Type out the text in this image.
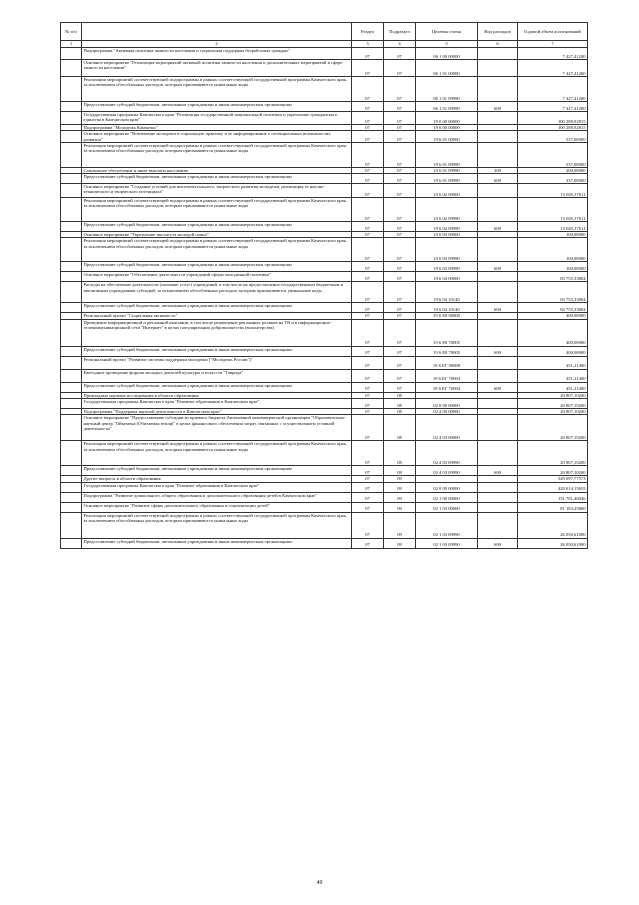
№ п/п		Раздел	Подраздел	Целевая статья	Вид расходов	Годовой объем ассигнований
1	2	3	4	5	6	7
	Подпрограмма "Активная политика занятости населения и социальная поддержка безработных граждан"	07	07	06 1 00 00000		7 427,41200
	Основное мероприятие "Реализация мероприятий активной политики занятости населения и дополнительных мероприятий в сфере занятости населения"	07	07	06 1 01 00000		7 427,41200
	Реализация мероприятий соответствующей подпрограммы в рамках соответствующей государственной программы Камчатского края, за исключением обособленных расходов, которым присваиваются уникальные коды	07	07	06 1 01 09990		7 427,41200
	Предоставление субсидий бюджетным, автономным учреждениям и иным некоммерческим организациям	07	07	06 1 01 09990	600	7 427,41200
	Государственная программа Камчатского края "Реализация государственной национальной политики и укрепление гражданского единства в Камчатском крае"	07	07	19 0 00 00000		100 288,92815
	Подпрограмма "Молодежь Камчатки"	07	07	19 6 00 00000		100 288,92815
	Основное мероприятие "Вовлечение молодежи в социальную практику и ее информирование о потенциальных возможностях развития"	07	07	19 6 01 00000		537,00000
	Реализация мероприятий соответствующей подпрограммы в рамках соответствующей государственной программы Камчатского края, за исключением обособленных расходов, которым присваиваются уникальные коды	07	07	19 6 01 09990		537,00000
	Социальное обеспечение и иные выплаты населению	07	07	19 6 01 09990	300	200,00000
	Предоставление субсидий бюджетным, автономным учреждениям и иным некоммерческим организациям	07	07	19 6 01 09990	600	337,00000
	Основное мероприятие "Создание условий для интеллектуального, творческого развития молодежи, реализация ее научно-технического и творческого потенциала"	07	07	19 6 02 00000		15 045,37611
	Реализация мероприятий соответствующей подпрограммы в рамках соответствующей государственной программы Камчатского края, за исключением обособленных расходов, которым присваиваются уникальные коды	07	07	19 6 02 09990		15 045,37611
	Предоставление субсидий бюджетным, автономным учреждениям и иным некоммерческим организациям	07	07	19 6 02 09990	600	15 045,37611
	Основное мероприятие "Укрепление института молодой семьи"	07	07	19 6 03 00000		100,00000
	Реализация мероприятий соответствующей подпрограммы в рамках соответствующей государственной программы Камчатского края, за исключением обособленных расходов, которым присваиваются уникальные коды	07	07	19 6 03 09990		100,00000
	Предоставление субсидий бюджетным, автономным учреждениям и иным некоммерческим организациям	07	07	19 6 03 09990	600	100,00000
	Основное мероприятие "Обеспечение деятельности учреждений сферы молодежной политики"	07	07	19 6 04 00000		83 755,33804
	Расходы на обеспечение деятельности (оказание услуг) учреждений, в том числе на предоставление государственным бюджетным и автономным учреждениям субсидий, за исключением обособленных расходов, которым присваиваются уникальные коды	07	07	19 6 04 10140		83 755,33804
	Предоставление субсидий бюджетным, автономным учреждениям и иным некоммерческим организациям	07	07	19 6 04 10140	600	83 755,33804
	Региональный проект "Социальная активность"	07	07	19 6 E8 00000		400,00000
	Проведение информационной и рекламной кампании, в том числе размещение рекламных роликов на ТВ и в информационно-телекоммуникационной сети "Интернет" в целях популяризации добровольчества (волонтерства)	07	07	19 6 E8 70005		400,00000
	Предоставление субсидий бюджетным, автономным учреждениям и иным некоммерческим организациям	07	07	19 6 E8 70005	600	400,00000
	Региональный проект "Развитие системы поддержки молодежи ("Молодежь России")"	07	07	19 6 ЕГ 00000		451,21400
	Ежегодное проведение форума молодых деятелей культуры и искусств "Таврида"	07	07	19 6 ЕГ 70004		451,21400
	Предоставление субсидий бюджетным, автономным учреждениям и иным некоммерческим организациям	07	07	19 6 ЕГ 70004	600	451,21400
	Прикладные научные исследования в области образования	07	08			20 807,10200
	Государственная программа Камчатского края "Развитие образования в Камчатском крае"	07	08	02 0 00 00000		20 807,10200
	Подпрограмма "Поддержка научной деятельности в Камчатском крае"	07	08	02 4 00 00000		20 807,10200
	Основное мероприятие "Предоставление субсидии из краевого бюджета Автономной некоммерческой организации "Образовательно-научный центр "Ойкумена (Обитаемая земля)" в целях финансового обеспечения затрат, связанных с осуществлением уставной деятельности"	07	08	02 4 03 00000		20 807,10200
	Реализация мероприятий соответствующей подпрограммы в рамках соответствующей государственной программы Камчатского края, за исключением обособленных расходов, которым присваиваются уникальные коды	07	08	02 4 03 09990		20 807,10200
	Предоставление субсидий бюджетным, автономным учреждениям и иным некоммерческим организациям	07	08	02 4 03 09990	600	20 807,10200
	Другие вопросы в области образования	07	09			549 097,77573
	Государственная программа Камчатского края "Развитие образования в Камчатском крае"	07	09	02 0 00 00000		420 014,15655
	Подпрограмма "Развитие дошкольного, общего образования и дополнительного образования детей в Камчатском крае"	07	09	02 1 00 00000		151 701,46046
	Основное мероприятие "Развитие сферы дополнительного образования и социализации детей"	07	09	02 1 03 00000		81 183,25800
	Реализация мероприятий соответствующей подпрограммы в рамках соответствующей государственной программы Камчатского края, за исключением обособленных расходов, которым присваиваются уникальные коды	07	09	02 1 03 09990		26 050,61000
	Предоставление субсидий бюджетным, автономным учреждениям и иным некоммерческим организациям	07	09	02 1 03 09990	600	26 050,61000
49
